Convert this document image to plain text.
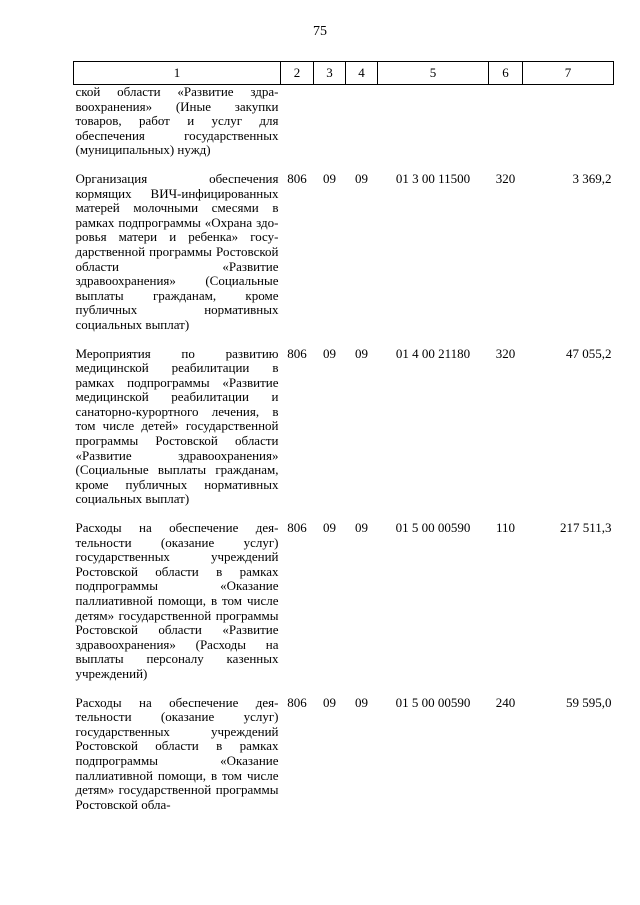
75
1	2	3	4	5	6	7
ской области «Развитие здравоохранения» (Иные закупки товаров, работ и услуг для обеспечения государственных (муниципальных) нужд)						

Организация обеспечения кормящих ВИЧ-инфицированных матерей молочными смесями в рамках подпрограммы «Охрана здоровья матери и ребенка» государственной программы Ростовской области «Развитие здравоохранения» (Социальные выплаты гражданам, кроме публичных нормативных социальных выплат)	806	09	09	01 3 00 11500	320	3 369,2

Мероприятия по развитию медицинской реабилитации в рамках подпрограммы «Развитие медицинской реабилитации и санаторно-курортного лечения, в том числе детей» государственной программы Ростовской области «Развитие здравоохранения» (Социальные выплаты гражданам, кроме публичных нормативных социальных выплат)	806	09	09	01 4 00 21180	320	47 055,2

Расходы на обеспечение деятельности (оказание услуг) государственных учреждений Ростовской области в рамках подпрограммы «Оказание паллиативной помощи, в том числе детям» государственной программы Ростовской области «Развитие здравоохранения» (Расходы на выплаты персоналу казенных учреждений)	806	09	09	01 5 00 00590	110	217 511,3

Расходы на обеспечение деятельности (оказание услуг) государственных учреждений Ростовской области в рамках подпрограммы «Оказание паллиативной помощи, в том числе детям» государственной программы Ростовской обла-	806	09	09	01 5 00 00590	240	59 595,0
